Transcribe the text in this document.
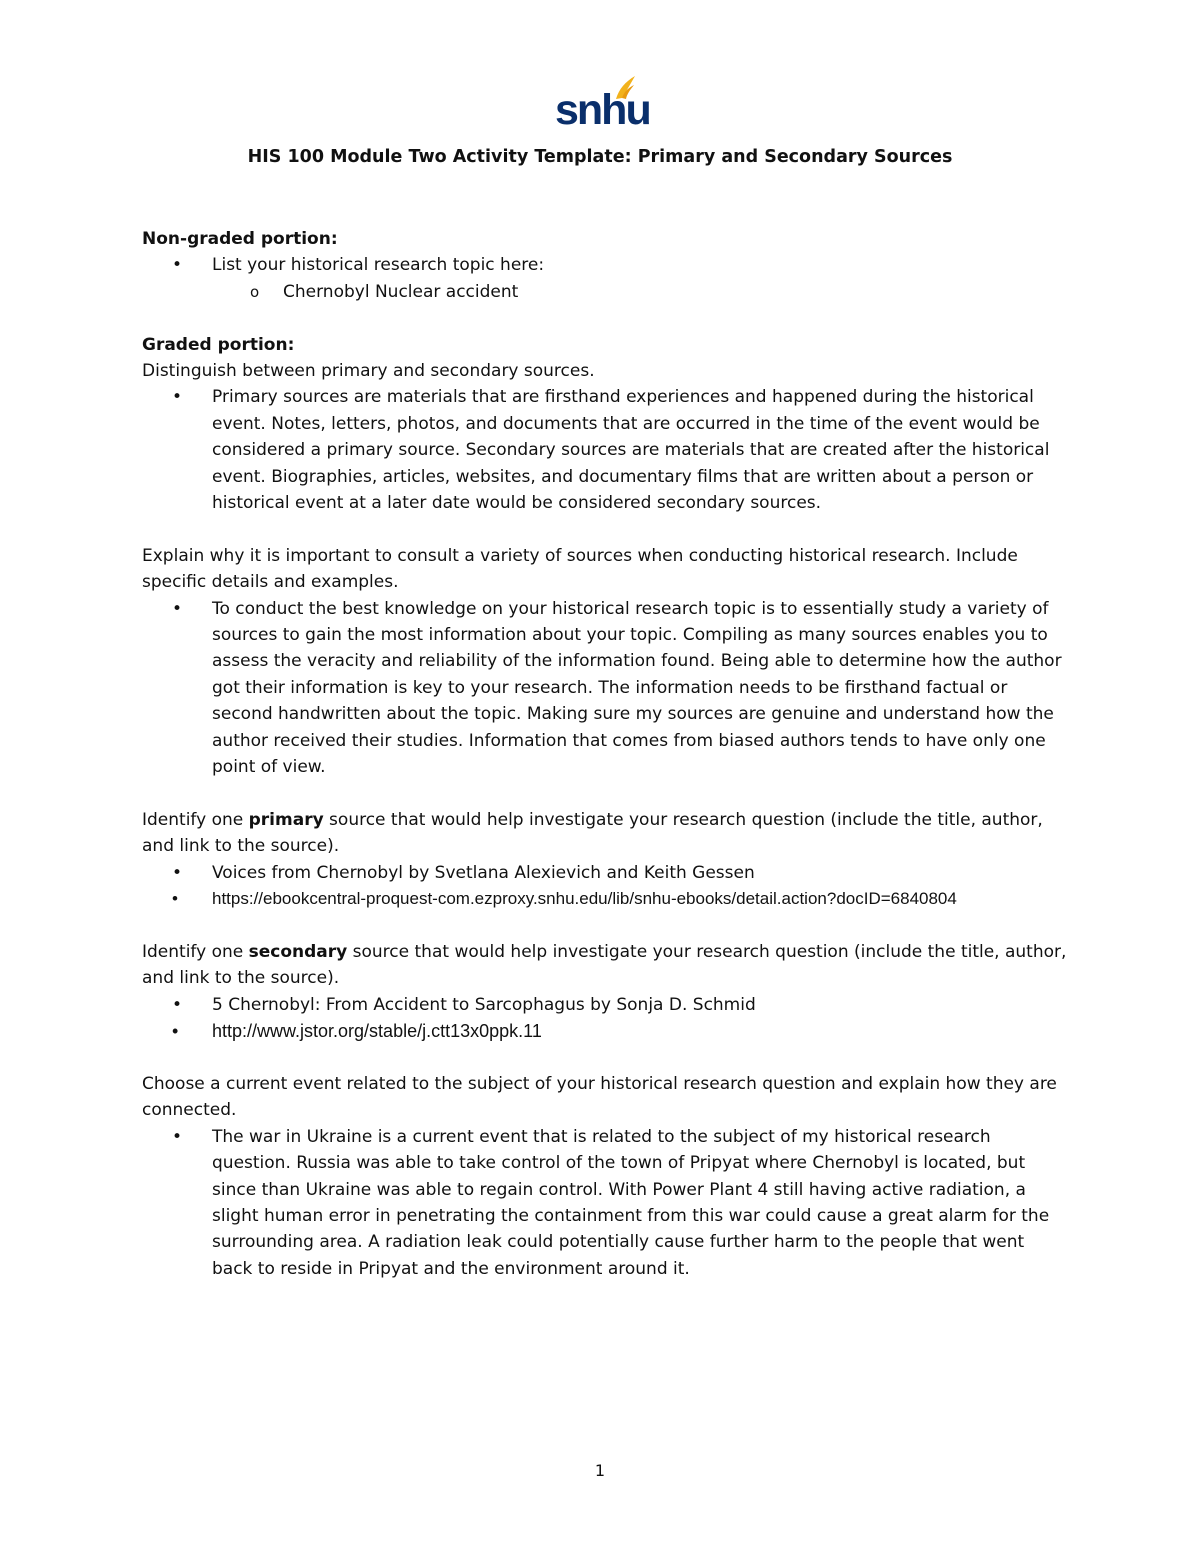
snhu
HIS 100 Module Two Activity Template: Primary and Secondary Sources

Non-graded portion:

• List your historical research topic here:
o Chernobyl Nuclear accident

Graded portion:

Distinguish between primary and secondary sources.

• Primary sources are materials that are firsthand experiences and happened during the historical event. Notes, letters, photos, and documents that are occurred in the time of the event would be considered a primary source. Secondary sources are materials that are created after the historical event. Biographies, articles, websites, and documentary films that are written about a person or historical event at a later date would be considered secondary sources.

Explain why it is important to consult a variety of sources when conducting historical research. Include specific details and examples.

• To conduct the best knowledge on your historical research topic is to essentially study a variety of sources to gain the most information about your topic. Compiling as many sources enables you to assess the veracity and reliability of the information found. Being able to determine how the author got their information is key to your research. The information needs to be firsthand factual or second handwritten about the topic. Making sure my sources are genuine and understand how the author received their studies. Information that comes from biased authors tends to have only one point of view.

Identify one primary source that would help investigate your research question (include the title, author, and link to the source).

• Voices from Chernobyl by Svetlana Alexievich and Keith Gessen
• https://ebookcentral-proquest-com.ezproxy.snhu.edu/lib/snhu-ebooks/detail.action?docID=6840804

Identify one secondary source that would help investigate your research question (include the title, author, and link to the source).

• 5 Chernobyl: From Accident to Sarcophagus by Sonja D. Schmid
• http://www.jstor.org/stable/j.ctt13x0ppk.11

Choose a current event related to the subject of your historical research question and explain how they are connected.

• The war in Ukraine is a current event that is related to the subject of my historical research question. Russia was able to take control of the town of Pripyat where Chernobyl is located, but since than Ukraine was able to regain control. With Power Plant 4 still having active radiation, a slight human error in penetrating the containment from this war could cause a great alarm for the surrounding area. A radiation leak could potentially cause further harm to the people that went back to reside in Pripyat and the environment around it.
1
